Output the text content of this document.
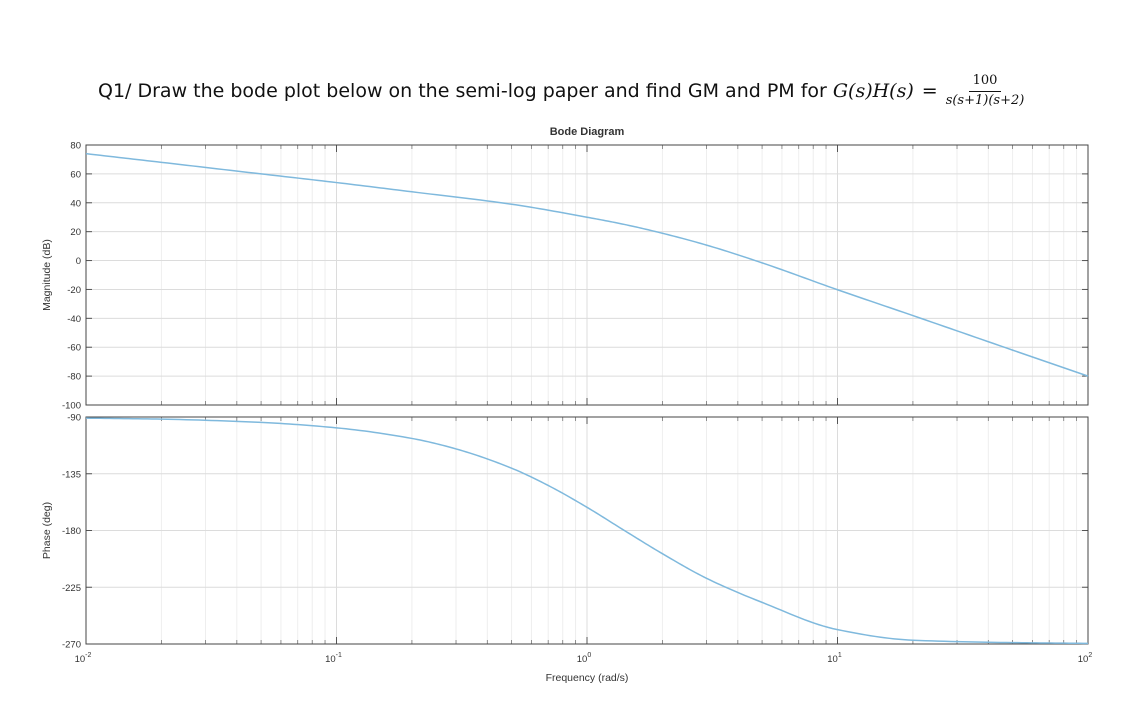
Q1/ Draw the bode plot below on the semi-log paper and find GM and PM for $G(s)H(s) = \frac{100}{s(s+1)(s+2)}$
Bode Diagram
80
60
40
20
0
-20
-40
-60
-80
-100
Magnitude (dB)
-90
-135
-180
-225
-270
Phase (deg)
$10^{-2}$	$10^{-1}$	$10^0$	$10^1$	$10^2$
Frequency (rad/s)
